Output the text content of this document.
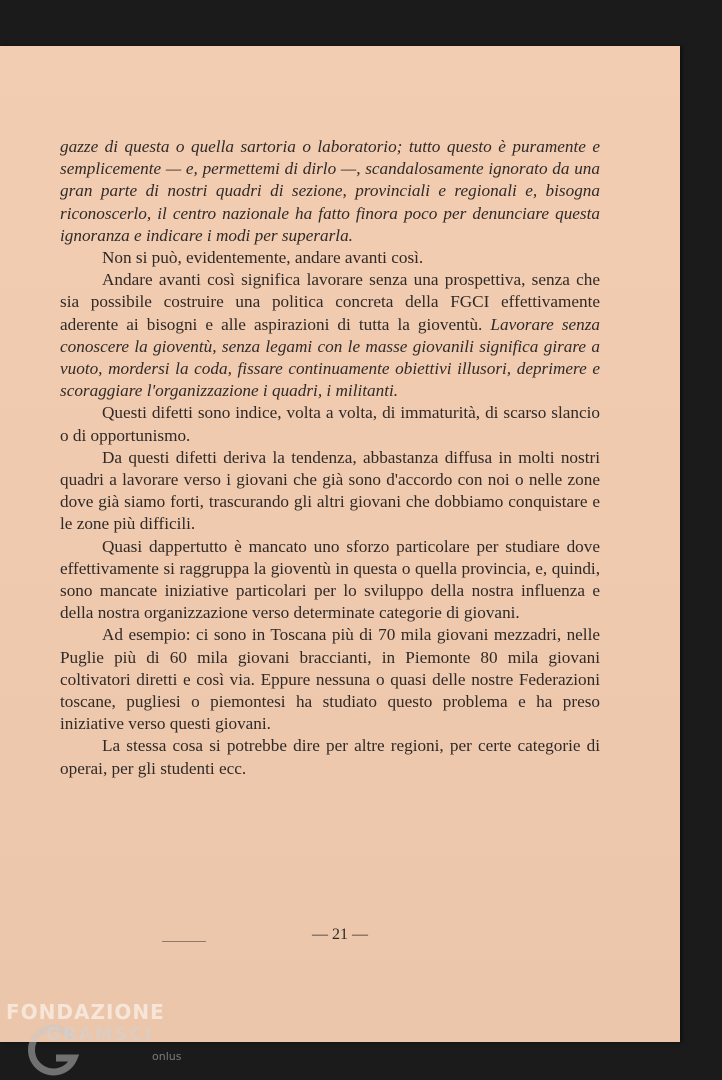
gazze di questa o quella sartoria o laboratorio; tutto questo è puramente e semplicemente — e, permettemi di dirlo —, scandalosamente ignorato da una gran parte di nostri quadri di sezione, provinciali e regionali e, bisogna riconoscerlo, il centro nazionale ha fatto finora poco per denunciare questa ignoranza e indicare i modi per superarla.

Non si può, evidentemente, andare avanti così.

Andare avanti così significa lavorare senza una prospettiva, senza che sia possibile costruire una politica concreta della FGCI effettivamente aderente ai bisogni e alle aspirazioni di tutta la gioventù. Lavorare senza conoscere la gioventù, senza legami con le masse giovanili significa girare a vuoto, mordersi la coda, fissare continuamente obiettivi illusori, deprimere e scoraggiare l'organizzazione i quadri, i militanti.

Questi difetti sono indice, volta a volta, di immaturità, di scarso slancio o di opportunismo.

Da questi difetti deriva la tendenza, abbastanza diffusa in molti nostri quadri a lavorare verso i giovani che già sono d'accordo con noi o nelle zone dove già siamo forti, trascurando gli altri giovani che dobbiamo conquistare e le zone più difficili.

Quasi dappertutto è mancato uno sforzo particolare per studiare dove effettivamente si raggruppa la gioventù in questa o quella provincia, e, quindi, sono mancate iniziative particolari per lo sviluppo della nostra influenza e della nostra organizzazione verso determinate categorie di giovani.

Ad esempio: ci sono in Toscana più di 70 mila giovani mezzadri, nelle Puglie più di 60 mila giovani braccianti, in Piemonte 80 mila giovani coltivatori diretti e così via. Eppure nessuna o quasi delle nostre Federazioni toscane, pugliesi o piemontesi ha studiato questo problema e ha preso iniziative verso questi giovani.

La stessa cosa si potrebbe dire per altre regioni, per certe categorie di operai, per gli studenti ecc.

— 21 —
FONDAZIONE
GRAMSCI
onlus
